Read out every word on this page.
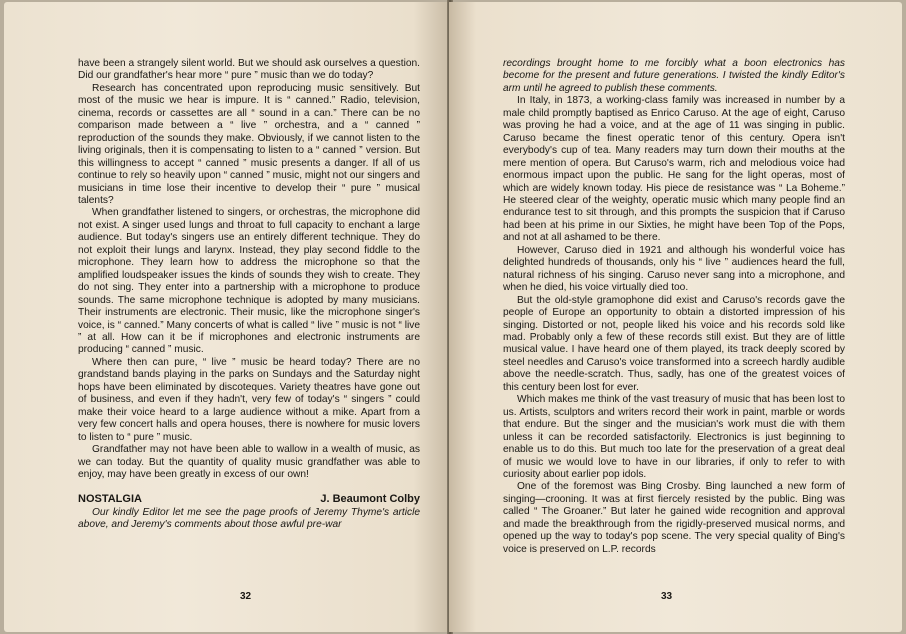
have been a strangely silent world. But we should ask ourselves a question. Did our grandfather's hear more “ pure ” music than we do today?

Research has concentrated upon reproducing music sensitively. But most of the music we hear is impure. It is “ canned.” Radio, television, cinema, records or cassettes are all “ sound in a can.” There can be no comparison made between a “ live ” orchestra, and a “ canned ” reproduction of the sounds they make. Obviously, if we cannot listen to the living originals, then it is compensating to listen to a “ canned ” version. But this willingness to accept “ canned ” music presents a danger. If all of us continue to rely so heavily upon “ canned ” music, might not our singers and musicians in time lose their incentive to develop their “ pure ” musical talents?

When grandfather listened to singers, or orchestras, the microphone did not exist. A singer used lungs and throat to full capacity to enchant a large audience. But today's singers use an entirely different technique. They do not exploit their lungs and larynx. Instead, they play second fiddle to the microphone. They learn how to address the microphone so that the amplified loudspeaker issues the kinds of sounds they wish to create. They do not sing. They enter into a partnership with a microphone to produce sounds. The same microphone technique is adopted by many musicians. Their instruments are electronic. Their music, like the microphone singer's voice, is “ canned.” Many concerts of what is called “ live ” music is not “ live ” at all. How can it be if microphones and electronic instruments are producing “ canned ” music.

Where then can pure, “ live ” music be heard today? There are no grandstand bands playing in the parks on Sundays and the Saturday night hops have been eliminated by discoteques. Variety theatres have gone out of business, and even if they hadn't, very few of today's “ singers ” could make their voice heard to a large audience without a mike. Apart from a very few concert halls and opera houses, there is nowhere for music lovers to listen to “ pure ” music.

Grandfather may not have been able to wallow in a wealth of music, as we can today. But the quantity of quality music grandfather was able to enjoy, may have been greatly in excess of our own!

NOSTALGIA	J. Beaumont Colby

Our kindly Editor let me see the page proofs of Jeremy Thyme's article above, and Jeremy's comments about those awful pre-war

32

recordings brought home to me forcibly what a boon electronics has become for the present and future generations. I twisted the kindly Editor's arm until he agreed to publish these comments.

In Italy, in 1873, a working-class family was increased in number by a male child promptly baptised as Enrico Caruso. At the age of eight, Caruso was proving he had a voice, and at the age of 11 was singing in public. Caruso became the finest operatic tenor of this century. Opera isn't everybody's cup of tea. Many readers may turn down their mouths at the mere mention of opera. But Caruso's warm, rich and melodious voice had enormous impact upon the public. He sang for the light operas, most of which are widely known today. His piece de resistance was “ La Boheme.” He steered clear of the weighty, operatic music which many people find an endurance test to sit through, and this prompts the suspicion that if Caruso had been at his prime in our Sixties, he might have been Top of the Pops, and not at all ashamed to be there.

However, Caruso died in 1921 and although his wonderful voice has delighted hundreds of thousands, only his “ live ” audiences heard the full, natural richness of his singing. Caruso never sang into a microphone, and when he died, his voice virtually died too.

But the old-style gramophone did exist and Caruso's records gave the people of Europe an opportunity to obtain a distorted impression of his singing. Distorted or not, people liked his voice and his records sold like mad. Probably only a few of these records still exist. But they are of little musical value. I have heard one of them played, its track deeply scored by steel needles and Caruso's voice transformed into a screech hardly audible above the needle-scratch. Thus, sadly, has one of the greatest voices of this century been lost for ever.

Which makes me think of the vast treasury of music that has been lost to us. Artists, sculptors and writers record their work in paint, marble or words that endure. But the singer and the musician's work must die with them unless it can be recorded satisfactorily. Electronics is just beginning to enable us to do this. But much too late for the preservation of a great deal of music we would love to have in our libraries, if only to refer to with curiosity about earlier pop idols.

One of the foremost was Bing Crosby. Bing launched a new form of singing—crooning. It was at first fiercely resisted by the public. Bing was called “ The Groaner.” But later he gained wide recognition and approval and made the breakthrough from the rigidly-preserved musical norms, and opened up the way to today's pop scene. The very special quality of Bing's voice is preserved on L.P. records

33
